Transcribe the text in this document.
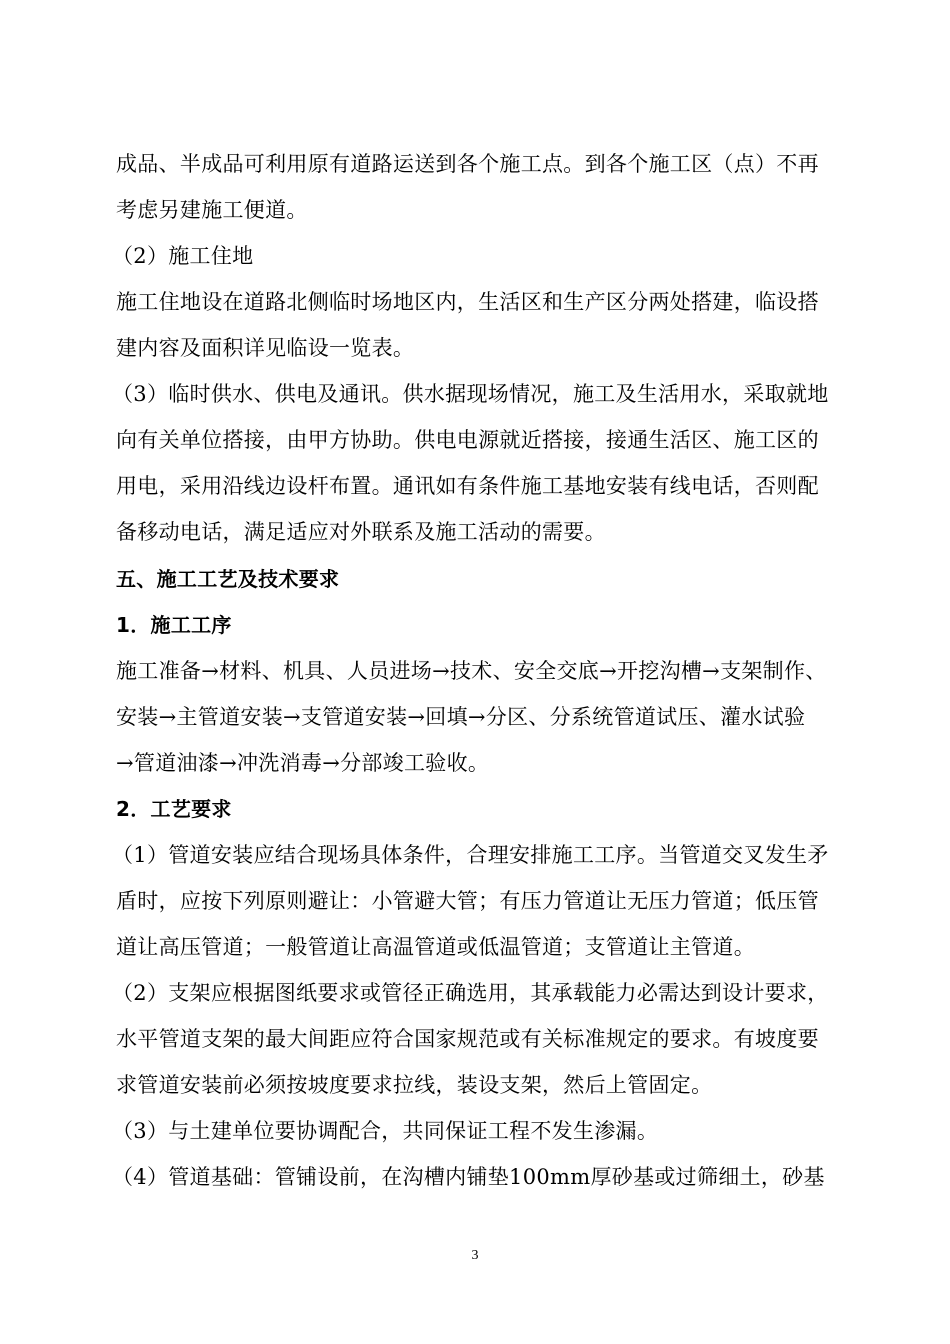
成品、半成品可利用原有道路运送到各个施工点。到各个施工区（点）不再
考虑另建施工便道。
（2）施工住地
施工住地设在道路北侧临时场地区内，生活区和生产区分两处搭建，临设搭
建内容及面积详见临设一览表。
（3）临时供水、供电及通讯。供水据现场情况，施工及生活用水，采取就地
向有关单位搭接，由甲方协助。供电电源就近搭接，接通生活区、施工区的
用电，采用沿线边设杆布置。通讯如有条件施工基地安装有线电话，否则配
备移动电话，满足适应对外联系及施工活动的需要。
五、施工工艺及技术要求
1．施工工序
施工准备→材料、机具、人员进场→技术、安全交底→开挖沟槽→支架制作、
安装→主管道安装→支管道安装→回填→分区、分系统管道试压、灌水试验
→管道油漆→冲洗消毒→分部竣工验收。
2．工艺要求
（1）管道安装应结合现场具体条件，合理安排施工工序。当管道交叉发生矛
盾时，应按下列原则避让：小管避大管；有压力管道让无压力管道；低压管
道让高压管道；一般管道让高温管道或低温管道；支管道让主管道。
（2）支架应根据图纸要求或管径正确选用，其承载能力必需达到设计要求，
水平管道支架的最大间距应符合国家规范或有关标准规定的要求。有坡度要
求管道安装前必须按坡度要求拉线，装设支架，然后上管固定。
（3）与土建单位要协调配合，共同保证工程不发生渗漏。
（4）管道基础：管铺设前，在沟槽内铺垫100mm厚砂基或过筛细土，砂基
3
